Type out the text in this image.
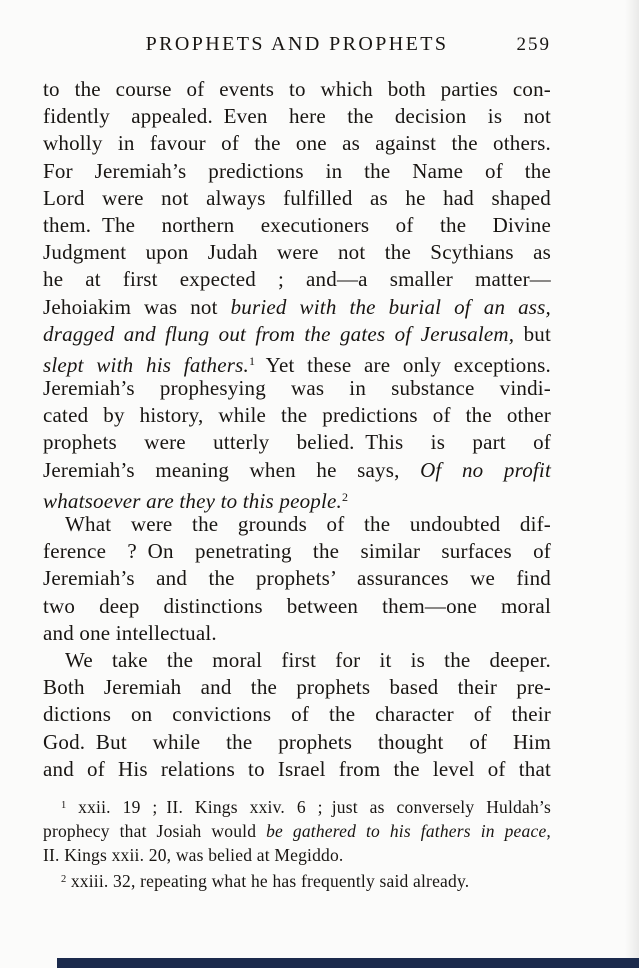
PROPHETS AND PROPHETS	259
to the course of events to which both parties con-
fidently appealed. Even here the decision is not
wholly in favour of the one as against the others.
For Jeremiah’s predictions in the Name of the
Lord were not always fulfilled as he had shaped
them. The northern executioners of the Divine
Judgment upon Judah were not the Scythians as
he at first expected ; and—a smaller matter—
Jehoiakim was not buried with the burial of an ass,
dragged and flung out from the gates of Jerusalem, but
slept with his fathers.$^1$ Yet these are only exceptions.
Jeremiah’s prophesying was in substance vindi-
cated by history, while the predictions of the other
prophets were utterly belied. This is part of
Jeremiah’s meaning when he says, Of no profit
whatsoever are they to this people.$^2$
What were the grounds of the undoubted dif-
ference ? On penetrating the similar surfaces of
Jeremiah’s and the prophets’ assurances we find
two deep distinctions between them—one moral
and one intellectual.
We take the moral first for it is the deeper.
Both Jeremiah and the prophets based their pre-
dictions on convictions of the character of their
God. But while the prophets thought of Him
and of His relations to Israel from the level of that
$^1$ xxii. 19 ; II. Kings xxiv. 6 ; just as conversely Huldah’s
prophecy that Josiah would be gathered to his fathers in peace,
II. Kings xxii. 20, was belied at Megiddo.
$^2$ xxiii. 32, repeating what he has frequently said already.
